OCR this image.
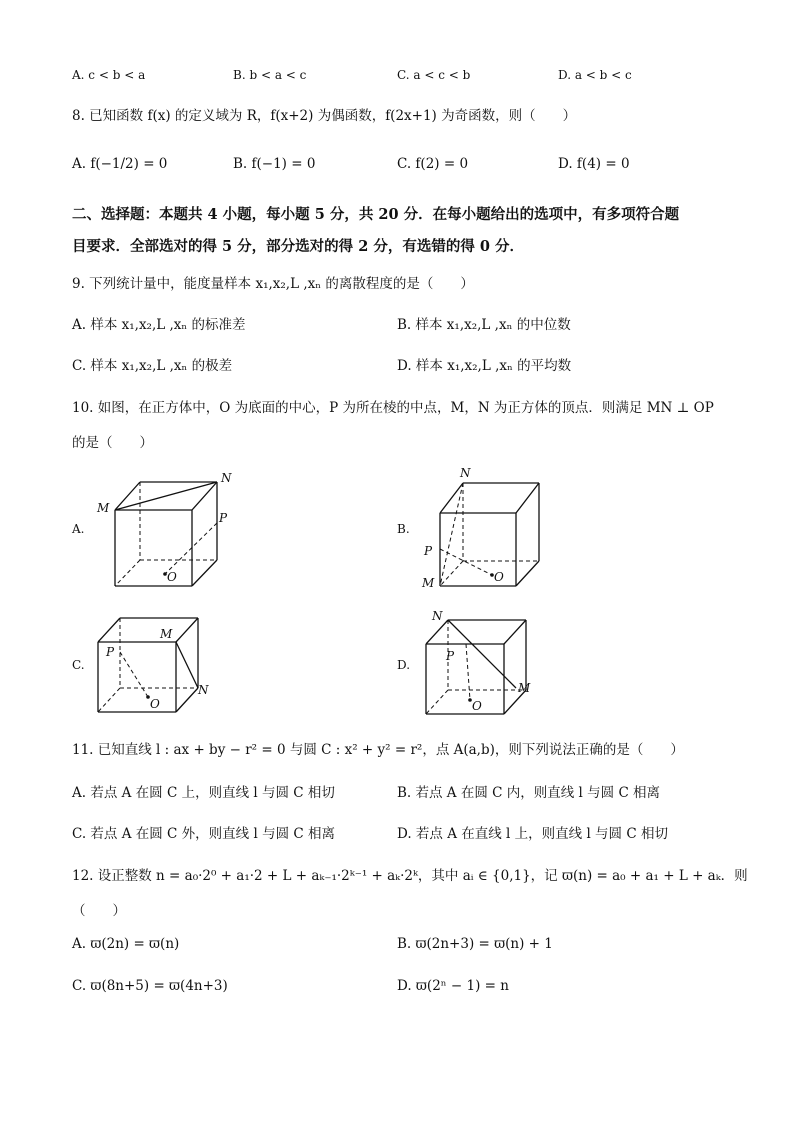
A. c < b < a	B. b < a < c	C. a < c < b	D. a < b < c
8. 已知函数 f(x) 的定义域为 R，f(x+2) 为偶函数，f(2x+1) 为奇函数，则（　　）
A. f(−1/2) = 0	B. f(−1) = 0	C. f(2) = 0	D. f(4) = 0
二、选择题：本题共 4 小题，每小题 5 分，共 20 分．在每小题给出的选项中，有多项符合题
目要求．全部选对的得 5 分，部分选对的得 2 分，有选错的得 0 分．
9. 下列统计量中，能度量样本 x₁,x₂,L ,xₙ 的离散程度的是（　　）
A. 样本 x₁,x₂,L ,xₙ 的标准差	B. 样本 x₁,x₂,L ,xₙ 的中位数
C. 样本 x₁,x₂,L ,xₙ 的极差	D. 样本 x₁,x₂,L ,xₙ 的平均数
10. 如图，在正方体中，O 为底面的中心，P 为所在棱的中点，M，N 为正方体的顶点．则满足 MN ⊥ OP
的是（　　）
A.	B.
C.	D.
M
N
P
O
N
P
M	O
M
P
N
O
N
P
M
O
11. 已知直线 l : ax + by − r² = 0 与圆 C : x² + y² = r²，点 A(a,b)，则下列说法正确的是（　　）
A. 若点 A 在圆 C 上，则直线 l 与圆 C 相切	B. 若点 A 在圆 C 内，则直线 l 与圆 C 相离
C. 若点 A 在圆 C 外，则直线 l 与圆 C 相离	D. 若点 A 在直线 l 上，则直线 l 与圆 C 相切
12. 设正整数 n = a₀·2⁰ + a₁·2 + L + aₖ₋₁·2ᵏ⁻¹ + aₖ·2ᵏ，其中 aᵢ ∈ {0,1}，记 ϖ(n) = a₀ + a₁ + L + aₖ．则
（　　）
A. ϖ(2n) = ϖ(n)	B. ϖ(2n+3) = ϖ(n) + 1
C. ϖ(8n+5) = ϖ(4n+3)	D. ϖ(2ⁿ − 1) = n
